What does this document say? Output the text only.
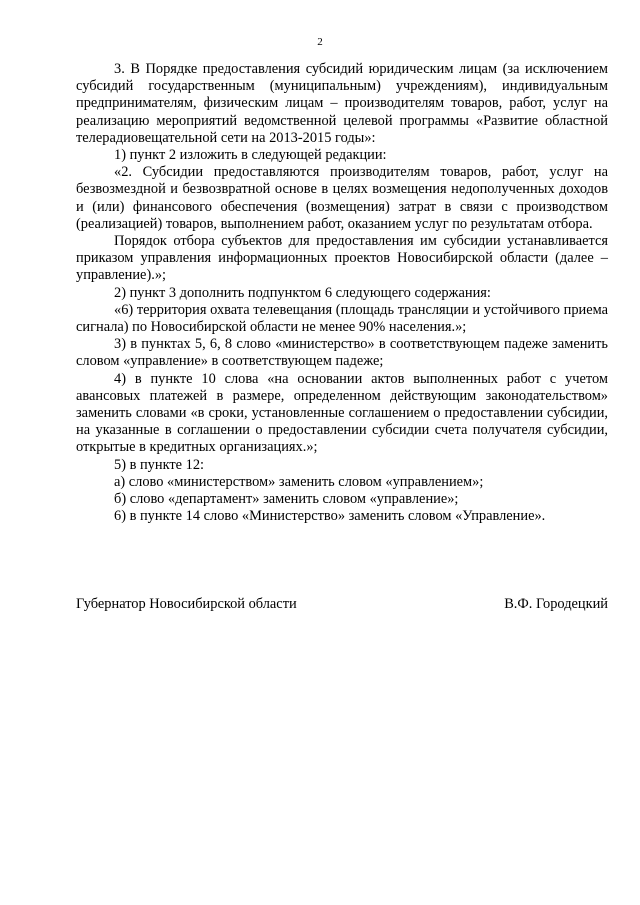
2

3. В Порядке предоставления субсидий юридическим лицам (за исключением субсидий государственным (муниципальным) учреждениям), индивидуальным предпринимателям, физическим лицам – производителям товаров, работ, услуг на реализацию мероприятий ведомственной целевой программы «Развитие областной телерадиовещательной сети на 2013-2015 годы»:

1) пункт 2 изложить в следующей редакции:

«2. Субсидии предоставляются производителям товаров, работ, услуг на безвозмездной и безвозвратной основе в целях возмещения недополученных доходов и (или) финансового обеспечения (возмещения) затрат в связи с производством (реализацией) товаров, выполнением работ, оказанием услуг по результатам отбора.

Порядок отбора субъектов для предоставления им субсидии устанавливается приказом управления информационных проектов Новосибирской области (далее – управление).»;

2) пункт 3 дополнить подпунктом 6 следующего содержания:

«6) территория охвата телевещания (площадь трансляции и устойчивого приема сигнала) по Новосибирской области не менее 90% населения.»;

3) в пунктах 5, 6, 8 слово «министерство» в соответствующем падеже заменить словом «управление» в соответствующем падеже;

4) в пункте 10 слова «на основании актов выполненных работ с учетом авансовых платежей в размере, определенном действующим законодательством» заменить словами «в сроки, установленные соглашением о предоставлении субсидии, на указанные в соглашении о предоставлении субсидии счета получателя субсидии, открытые в кредитных организациях.»;

5) в пункте 12:

а) слово «министерством» заменить словом «управлением»;

б) слово «департамент» заменить словом «управление»;

6) в пункте 14 слово «Министерство» заменить словом «Управление».

Губернатор Новосибирской области	В.Ф. Городецкий
